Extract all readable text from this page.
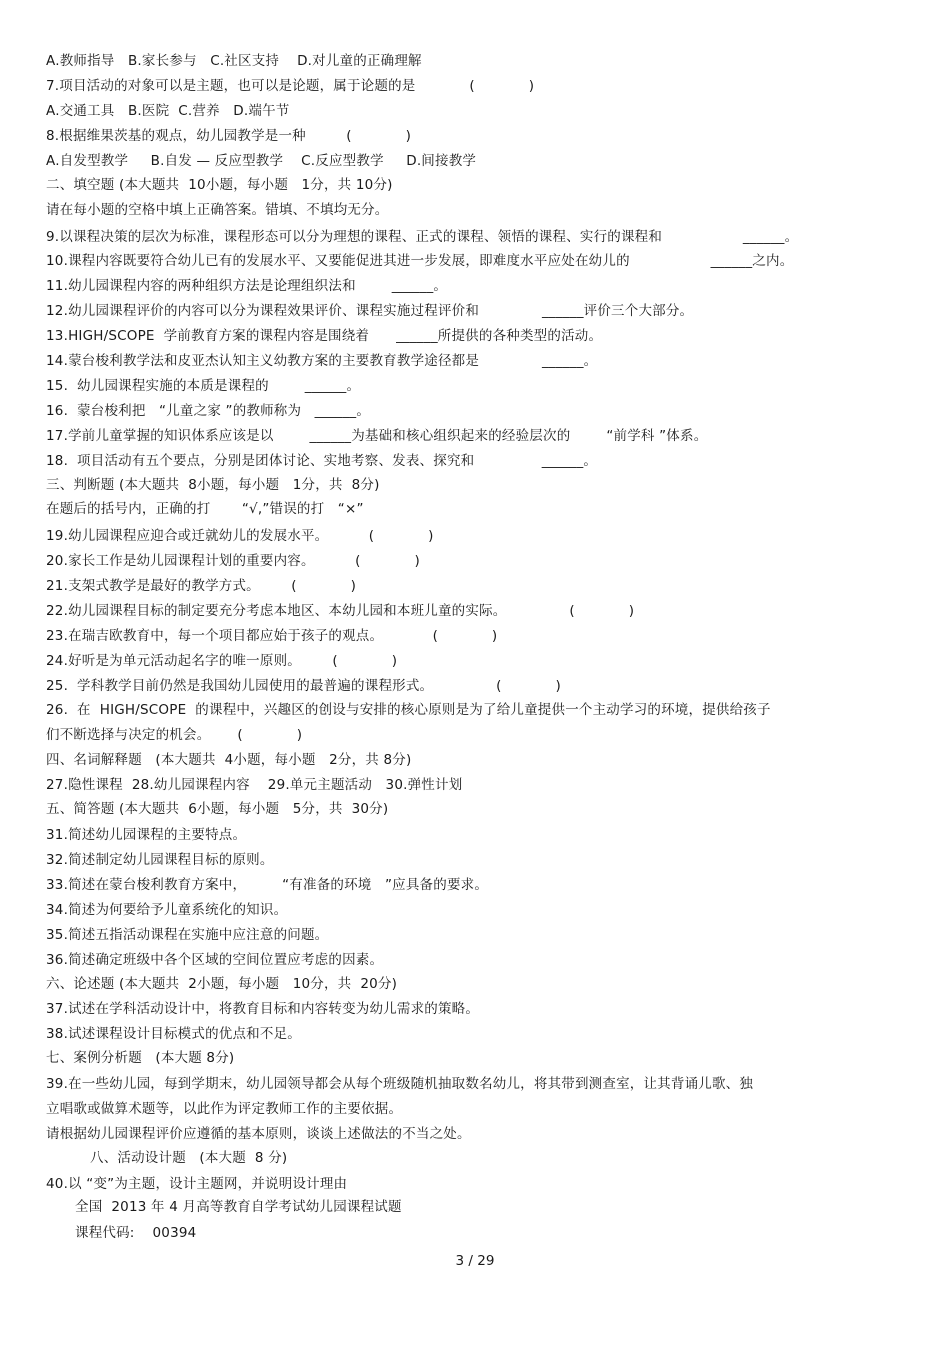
A.教师指导   B.家长参与   C.社区支持    D.对儿童的正确理解
7.项目活动的对象可以是主题，也可以是论题，属于论题的是            (            )
A.交通工具   B.医院  C.营养   D.端午节
8.根据维果茨基的观点，幼儿园教学是一种         (            )
A.自发型教学     B.自发 — 反应型教学    C.反应型教学     D.间接教学
二、填空题 (本大题共  10小题，每小题   1分，共 10分)
请在每小题的空格中填上正确答案。错填、不填均无分。
9.以课程决策的层次为标准，课程形态可以分为理想的课程、正式的课程、领悟的课程、实行的课程和                  ______。
10.课程内容既要符合幼儿已有的发展水平、又要能促进其进一步发展，即难度水平应处在幼儿的                  ______之内。
11.幼儿园课程内容的两种组织方法是论理组织法和        ______。
12.幼儿园课程评价的内容可以分为课程效果评价、课程实施过程评价和              ______评价三个大部分。
13.HIGH/SCOPE  学前教育方案的课程内容是围绕着      ______所提供的各种类型的活动。
14.蒙台梭利教学法和皮亚杰认知主义幼教方案的主要教育教学途径都是              ______。
15.  幼儿园课程实施的本质是课程的        ______。
16.  蒙台梭利把   “儿童之家 ”的教师称为   ______。
17.学前儿童掌握的知识体系应该是以        ______为基础和核心组织起来的经验层次的        “前学科 ”体系。
18.  项目活动有五个要点，分别是团体讨论、实地考察、发表、探究和               ______。
三、判断题 (本大题共  8小题，每小题   1分，共  8分)
在题后的括号内，正确的打       “√,”错误的打   “×”
19.幼儿园课程应迎合或迁就幼儿的发展水平。         (            )
20.家长工作是幼儿园课程计划的重要内容。         (            )
21.支架式教学是最好的教学方式。       (            )
22.幼儿园课程目标的制定要充分考虑本地区、本幼儿园和本班儿童的实际。              (            )
23.在瑞吉欧教育中，每一个项目都应始于孩子的观点。           (            )
24.好听是为单元活动起名字的唯一原则。       (            )
25.  学科教学目前仍然是我国幼儿园使用的最普遍的课程形式。              (            )
26.  在  HIGH/SCOPE  的课程中，兴趣区的创设与安排的核心原则是为了给儿童提供一个主动学习的环境，提供给孩子
们不断选择与决定的机会。      (            )
四、名词解释题   (本大题共  4小题，每小题   2分，共 8分)
27.隐性课程  28.幼儿园课程内容    29.单元主题活动   30.弹性计划
五、简答题 (本大题共  6小题，每小题   5分，共  30分)
31.简述幼儿园课程的主要特点。
32.简述制定幼儿园课程目标的原则。
33.简述在蒙台梭利教育方案中，        “有准备的环境   ”应具备的要求。
34.简述为何要给予儿童系统化的知识。
35.简述五指活动课程在实施中应注意的问题。
36.简述确定班级中各个区域的空间位置应考虑的因素。
六、论述题 (本大题共  2小题，每小题   10分，共  20分)
37.试述在学科活动设计中，将教育目标和内容转变为幼儿需求的策略。
38.试述课程设计目标模式的优点和不足。
七、案例分析题   (本大题 8分)
39.在一些幼儿园，每到学期末，幼儿园领导都会从每个班级随机抽取数名幼儿，将其带到测查室，让其背诵儿歌、独
立唱歌或做算术题等，以此作为评定教师工作的主要依据。
请根据幼儿园课程评价应遵循的基本原则，谈谈上述做法的不当之处。
八、活动设计题   (本大题  8 分)
40.以 “变”为主题，设计主题网，并说明设计理由
全国  2013 年 4 月高等教育自学考试幼儿园课程试题
课程代码:    00394
3 / 29
